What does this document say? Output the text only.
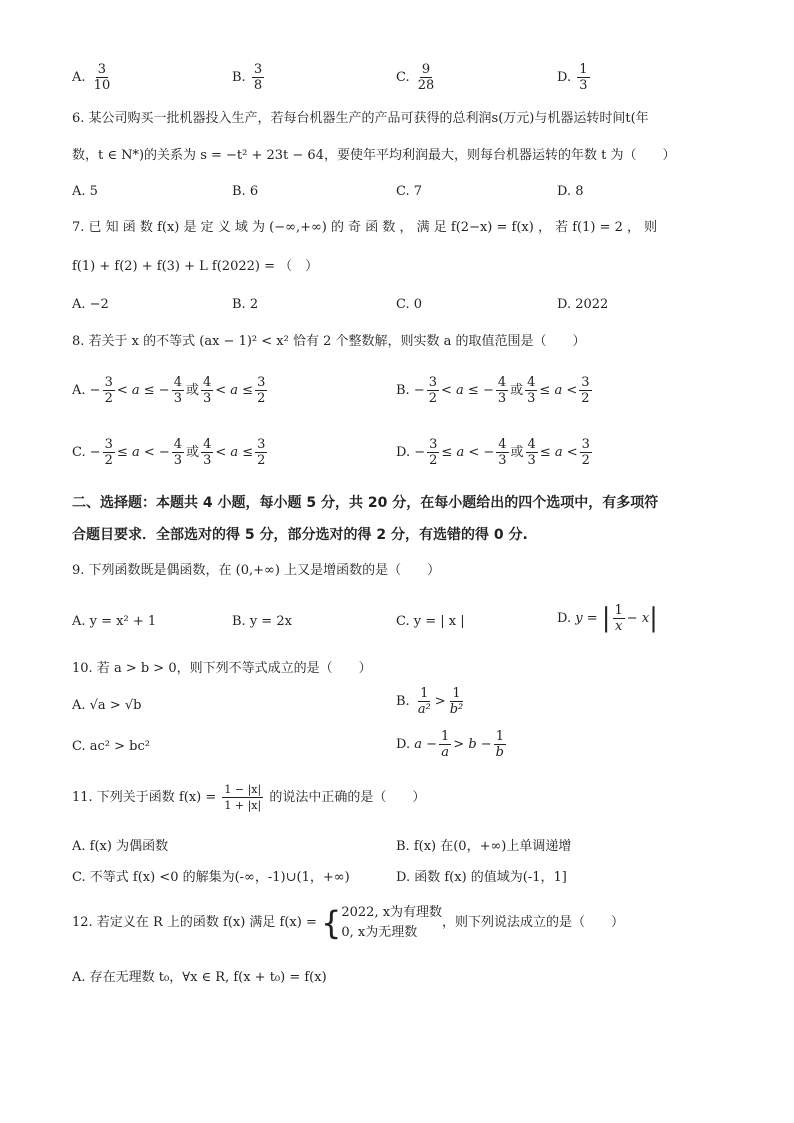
A. $\frac{3}{10}$	B. $\frac{3}{8}$	C. $\frac{9}{28}$	D. $\frac{1}{3}$
6. 某公司购买一批机器投入生产，若每台机器生产的产品可获得的总利润s(万元)与机器运转时间t(年
数，t ∈ N*)的关系为 s = −t² + 23t − 64，要使年平均利润最大，则每台机器运转的年数 t 为（　　）
A. 5	B. 6	C. 7	D. 8
7. 已 知 函 数 f(x) 是 定 义 域 为 (−∞,+∞) 的 奇 函 数 ， 满 足 f(2−x) = f(x) ， 若 f(1) = 2 ， 则
f(1) + f(2) + f(3) + L f(2022) = （　）
A. −2	B. 2	C. 0	D. 2022
8. 若关于 x 的不等式 (ax − 1)² < x² 恰有 2 个整数解，则实数 a 的取值范围是（　　）
A. − $\frac{3}{2} < a$ ≤ − $\frac{4}{3}$ 或 $\frac{4}{3} < a \le \frac{3}{2}$	B. − $\frac{3}{2} < a$ ≤ − $\frac{4}{3}$ 或 $\frac{4}{3} \le a < \frac{3}{2}$
C. − $\frac{3}{2} \le a$ < − $\frac{4}{3}$ 或 $\frac{4}{3} < a \le \frac{3}{2}$	D. − $\frac{3}{2} \le a$ < − $\frac{4}{3}$ 或 $\frac{4}{3} \le a < \frac{3}{2}$
二、选择题：本题共 4 小题，每小题 5 分，共 20 分，在每小题给出的四个选项中，有多项符
合题目要求．全部选对的得 5 分，部分选对的得 2 分，有选错的得 0 分.
9. 下列函数既是偶函数，在 (0,+∞) 上又是增函数的是（　　）
A. y = x² + 1	B. y = 2x	C. y = | x |	D. y = | $\frac{1}{x} - x|$
10. 若 a > b > 0，则下列不等式成立的是（　　）
A. √a > √b	B. $\frac{1}{\text{a²}} > \frac{1}{\text{b²}}$
C. ac² > bc²	D. $a - \frac{1}{a} > b - \frac{1}{b}$
11. 下列关于函数 $f(x) = \frac{1 - |x|}{1 + |x|}$ 的说法中正确的是（　　）
A. f(x) 为偶函数	B. f(x) 在(0，+∞)上单调递增
C. 不等式 f(x) <0 的解集为(-∞，-1)∪(1，+∞)	D. 函数 f(x) 的值域为(-1，1]
12. 若定义在 R 上的函数 f(x) 满足 f(x) = { 2022, x为有理数
0, x为无理数
，则下列说法成立的是（　　）
A. 存在无理数 t₀，∀x ∈ R, f(x + t₀) = f(x)
